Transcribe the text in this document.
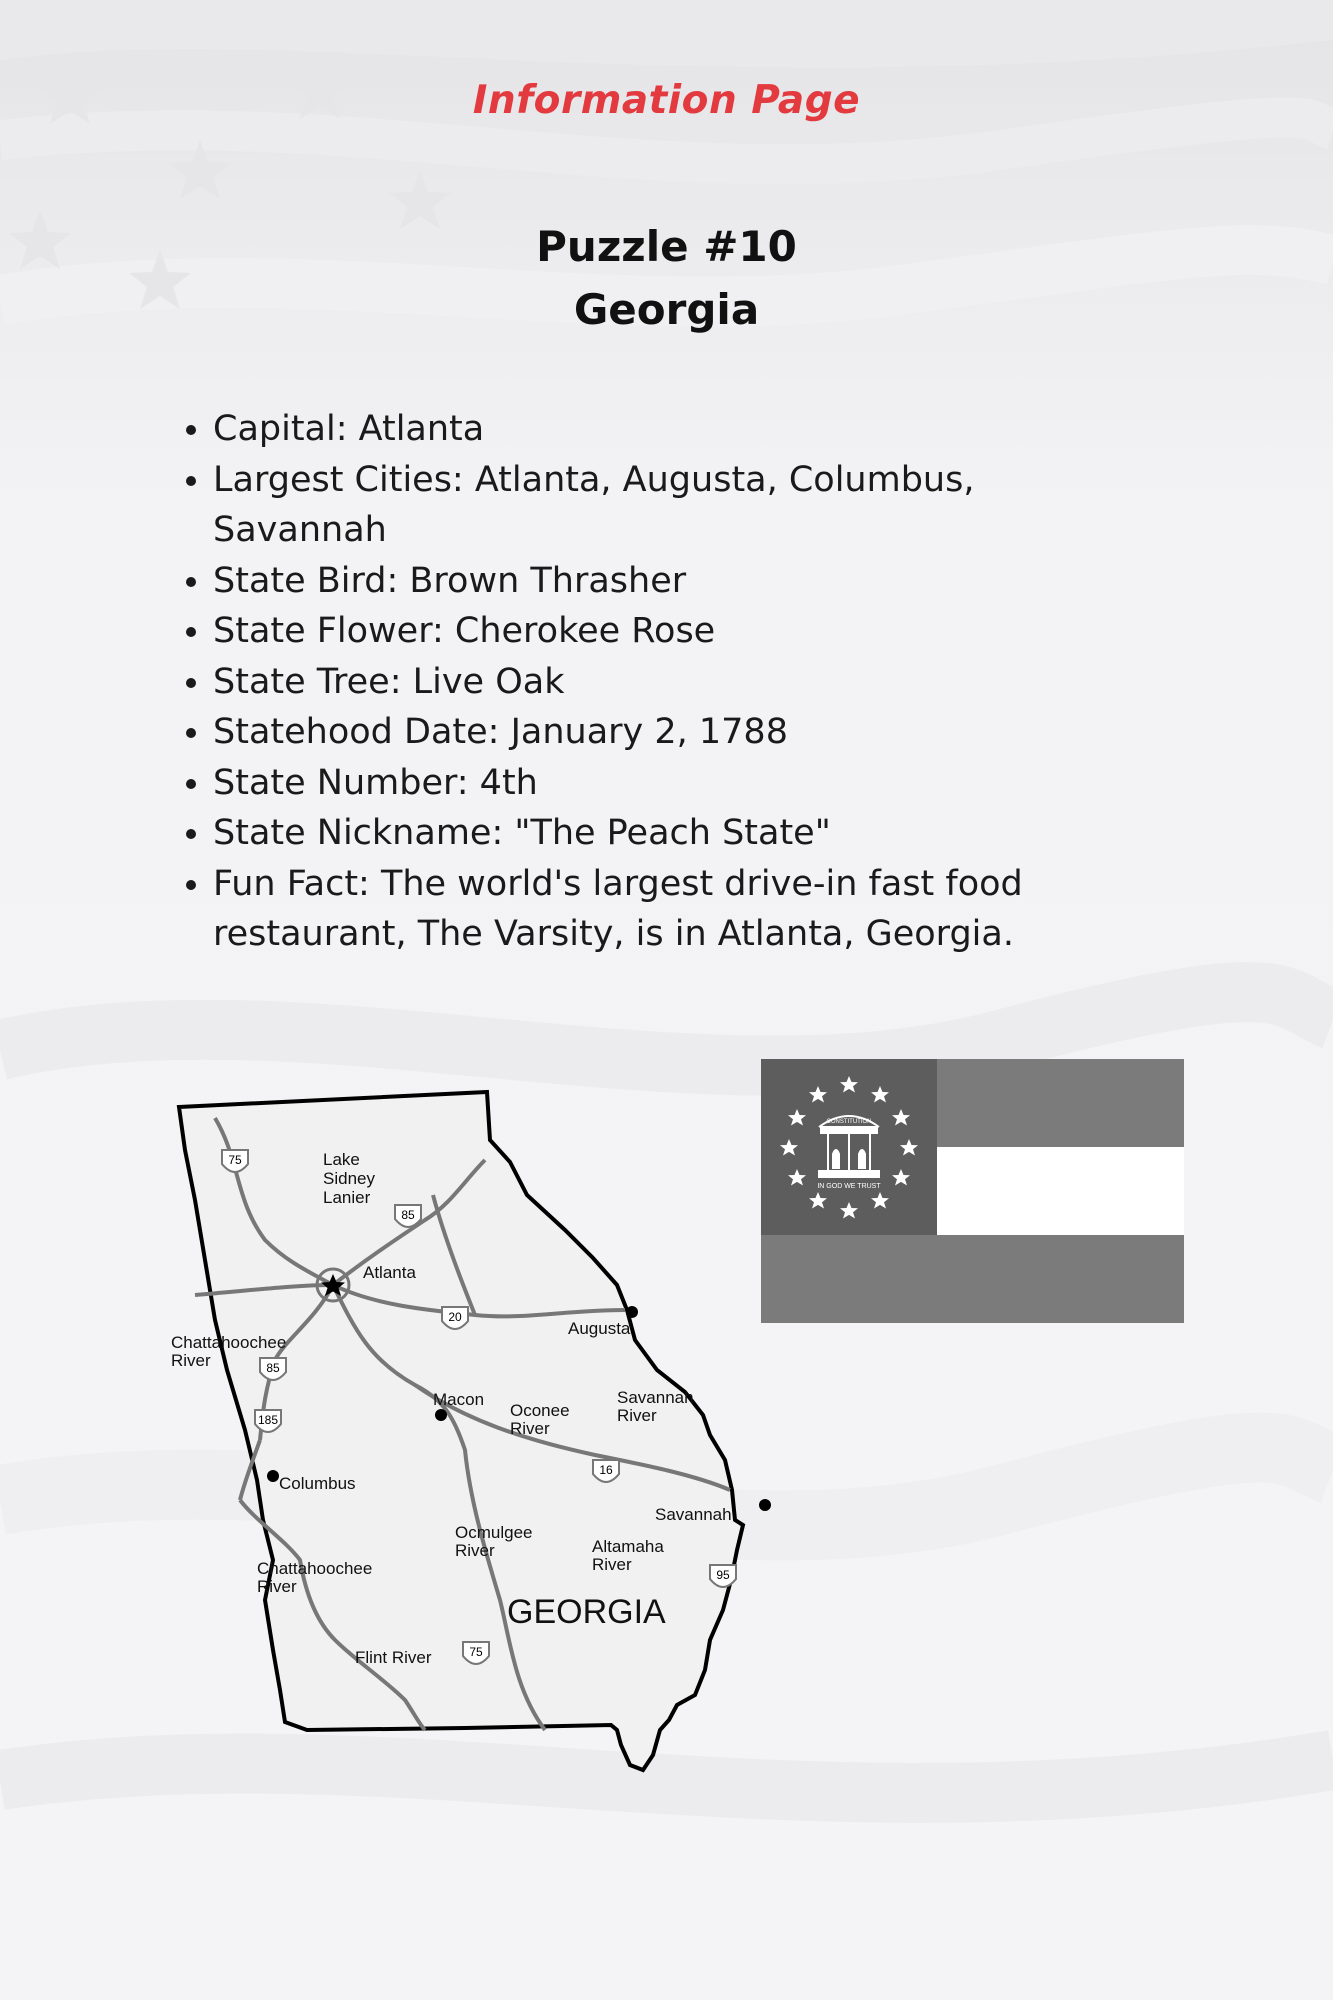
Information Page
Puzzle #10
Georgia
• Capital: Atlanta
• Largest Cities: Atlanta, Augusta, Columbus, Savannah
• State Bird: Brown Thrasher
• State Flower: Cherokee Rose
• State Tree: Live Oak
• Statehood Date: January 2, 1788
• State Number: 4th
• State Nickname: "The Peach State"
• Fun Fact: The world's largest drive-in fast food restaurant, The Varsity, is in Atlanta, Georgia.
75
85
20
85
185
16
95
75
Lake
Sidney
Lanier
Atlanta
Augusta
Chattahoochee
River
Macon
Oconee
River
Savannah
River
Columbus
Savannah
Ocmulgee
River	Altamaha
River
Chattahoochee
River
Flint River
GEORGIA
CONSTITUTION
IN GOD WE TRUST
